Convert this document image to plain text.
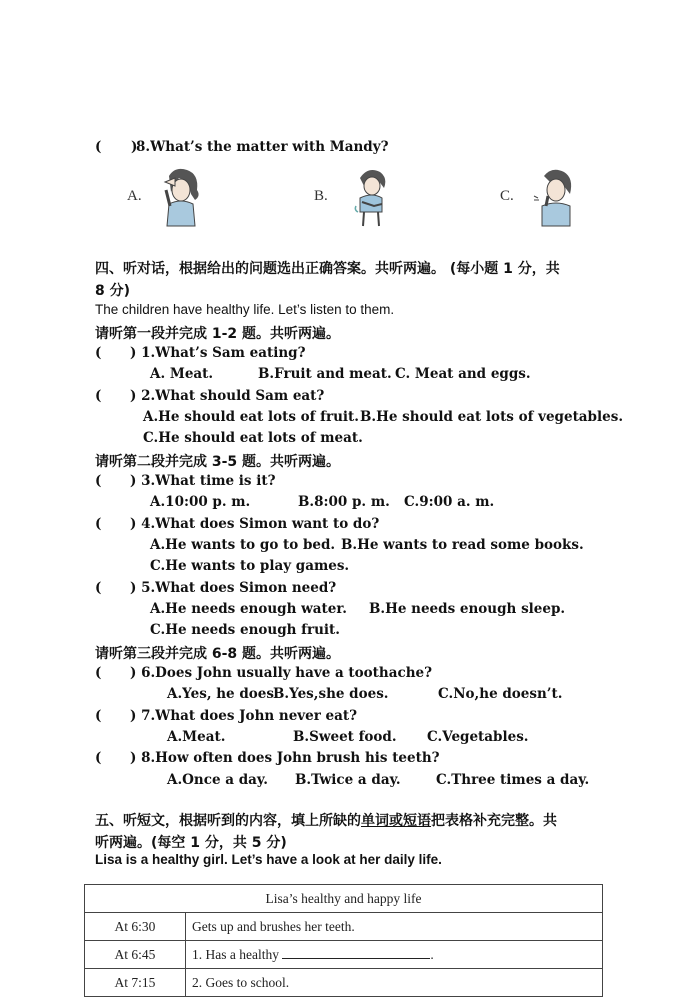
( )
8.What’s the matter with Mandy?
A.	B.	C.
四、听对话，根据给出的问题选出正确答案。共听两遍。 (每小题 1 分，共
8 分)
The children have healthy life. Let’s listen to them.
请听第一段并完成 1-2 题。共听两遍。
( ) 1.What’s Sam eating?
A. Meat.	B.Fruit and meat. C. Meat and eggs.
( ) 2.What should Sam eat?
A.He should eat lots of fruit. B.He should eat lots of vegetables.
C.He should eat lots of meat.
请听第二段并完成 3-5 题。共听两遍。
( ) 3.What time is it?
A.10:00 p. m.	B.8:00 p. m. C.9:00 a. m.
( ) 4.What does Simon want to do?
A.He wants to go to bed. B.He wants to read some books.
C.He wants to play games.
( ) 5.What does Simon need?
A.He needs enough water. B.He needs enough sleep.
C.He needs enough fruit.
请听第三段并完成 6-8 题。共听两遍。
( ) 6.Does John usually have a toothache?
A.Yes, he does.
B.Yes,she does.	C.No,he doesn’t.
( ) 7.What does John never eat?
A.Meat.	B.Sweet food. C.Vegetables.
( ) 8.How often does John brush his teeth?
A.Once a day. B.Twice a day.	C.Three times a day.
五、听短文，根据听到的内容，填上所缺的单词或短语把表格补充完整。共
听两遍。(每空 1 分，共 5 分)
Lisa is a healthy girl. Let’s have a look at her daily life.
Lisa’s healthy and happy life	
At 6:30	Gets up and brushes her teeth.
At 6:45	1. Has a healthy .
At 7:15	2. Goes to school.
